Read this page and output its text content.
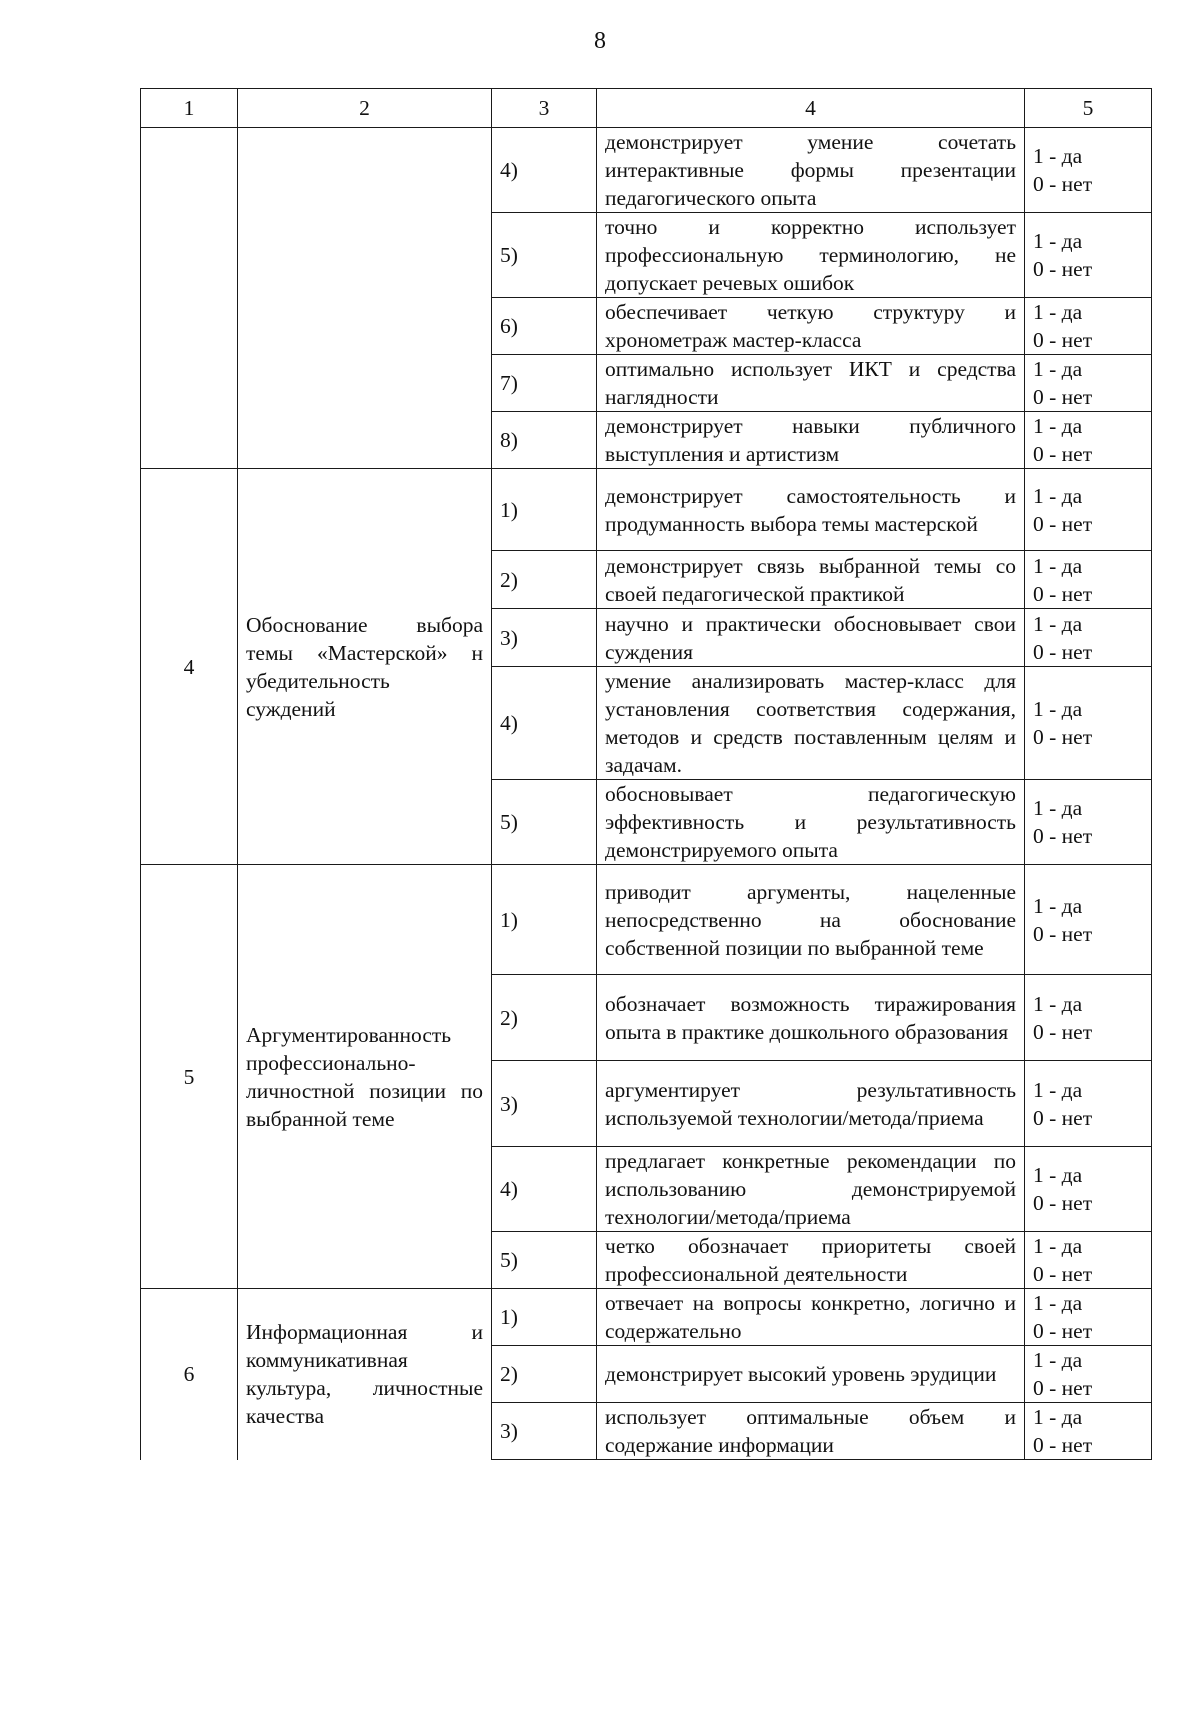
8
1	2	3	4	5
		4)	демонстрирует умение сочетать интерактивные формы презентации педагогического опыта	1 - да
0 - нет

		5)	точно и корректно использует профессиональную терминологию, не допускает речевых ошибок	1 - да
0 - нет

		6)	обеспечивает четкую структуру и хронометраж мастер-класса	1 - да
0 - нет

		7)	оптимально использует ИКТ и средства наглядности	1 - да
0 - нет

		8)	демонстрирует навыки публичного выступления и артистизм	1 - да
0 - нет

4	Обоснование выбора темы «Мастерской» н убедительность суждений	1)	демонстрирует самостоятельность и продуманность выбора темы мастерской	1 - да
0 - нет

		2)	демонстрирует связь выбранной темы со своей педагогической практикой	1 - да
0 - нет

		3)	научно и практически обосновывает свои суждения	1 - да
0 - нет

		4)	умение анализировать мастер-класс для установления соответствия содержания, методов и средств поставленным целям и задачам.	1 - да
0 - нет

		5)	обосновывает педагогическую эффективность и результативность демонстрируемого опыта	1 - да
0 - нет

5	Аргументированность профессионально-личностной позиции по выбранной теме	1)	приводит аргументы, нацеленные непосредственно на обоснование собственной позиции по выбранной теме	1 - да
0 - нет

		2)	обозначает возможность тиражирования опыта в практике дошкольного образования	1 - да
0 - нет

		3)	аргументирует результативность используемой технологии/метода/приема	1 - да
0 - нет

		4)	предлагает конкретные рекомендации по использованию демонстрируемой технологии/метода/приема	1 - да
0 - нет

		5)	четко обозначает приоритеты своей профессиональной деятельности	1 - да
0 - нет

6	Информационная и коммуникативная культура, личностные качества	1)	отвечает на вопросы конкретно, логично и содержательно	1 - да
0 - нет

		2)	демонстрирует высокий уровень эрудиции	1 - да
0 - нет

		3)	использует оптимальные объем и содержание информации	1 - да
0 - нет
